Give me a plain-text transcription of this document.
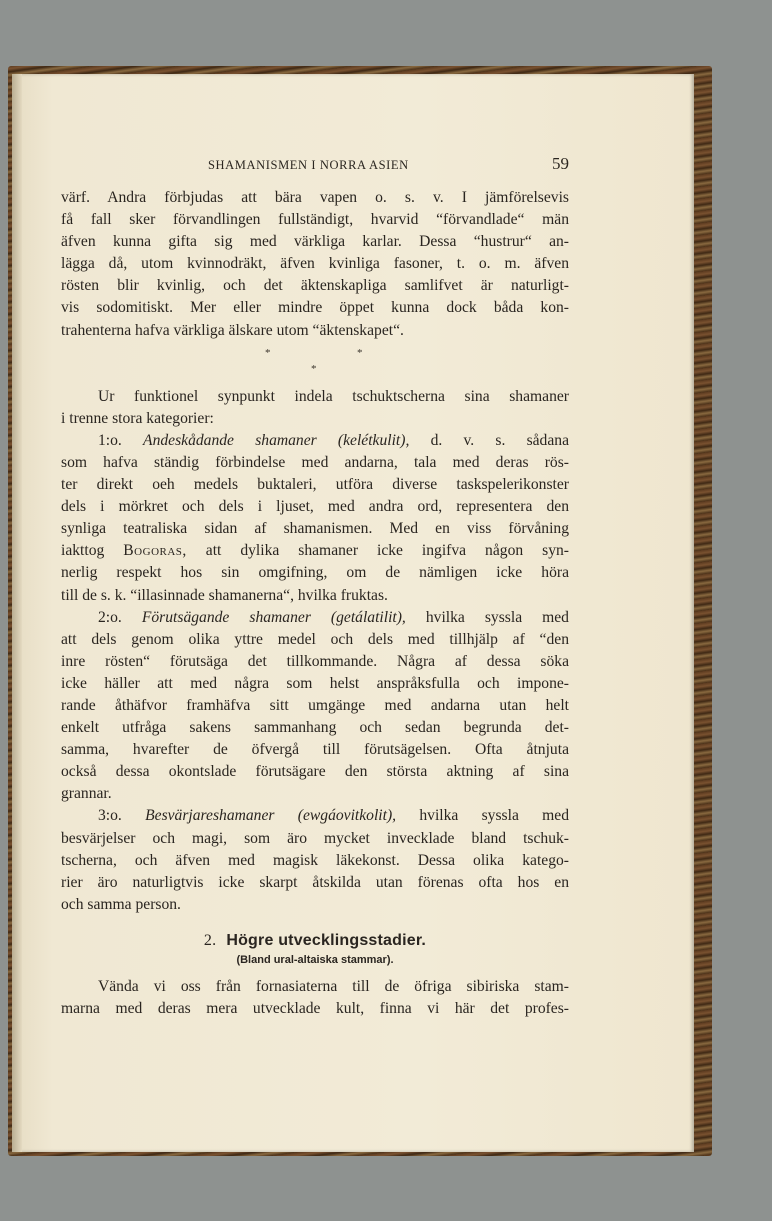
SHAMANISMEN I NORRA ASIEN	59

värf. Andra förbjudas att bära vapen o. s. v. I jämförelsevis

få fall sker förvandlingen fullständigt, hvarvid “förvandlade“ män

äfven kunna gifta sig med värkliga karlar. Dessa “hustrur“ an-

lägga då, utom kvinnodräkt, äfven kvinliga fasoner, t. o. m. äfven

rösten blir kvinlig, och det äktenskapliga samlifvet är naturligt-

vis sodomitiskt. Mer eller mindre öppet kunna dock båda kon-

trahenterna hafva värkliga älskare utom “äktenskapet“.

*	*
*

Ur funktionel synpunkt indela tschuktscherna sina shamaner

i trenne stora kategorier:

1:o. Andeskådande shamaner (kelétkulit), d. v. s. sådana

som hafva ständig förbindelse med andarna, tala med deras rös-

ter direkt oeh medels buktaleri, utföra diverse taskspelerikonster

dels i mörkret och dels i ljuset, med andra ord, representera den

synliga teatraliska sidan af shamanismen. Med en viss förvåning

iakttog Bogoras, att dylika shamaner icke ingifva någon syn-

nerlig respekt hos sin omgifning, om de nämligen icke höra

till de s. k. “illasinnade shamanerna“, hvilka fruktas.

2:o. Förutsägande shamaner (getálatilit), hvilka syssla med

att dels genom olika yttre medel och dels med tillhjälp af “den

inre rösten“ förutsäga det tillkommande. Några af dessa söka

icke häller att med några som helst anspråksfulla och impone-

rande åthäfvor framhäfva sitt umgänge med andarna utan helt

enkelt utfråga sakens sammanhang och sedan begrunda det-

samma, hvarefter de öfvergå till förutsägelsen. Ofta åtnjuta

också dessa okontslade förutsägare den största aktning af sina

grannar.

3:o. Besvärjareshamaner (ewgáovitkolit), hvilka syssla med

besvärjelser och magi, som äro mycket invecklade bland tschuk-

tscherna, och äfven med magisk läkekonst. Dessa olika katego-

rier äro naturligtvis icke skarpt åtskilda utan förenas ofta hos en

och samma person.

2. Högre utvecklingsstadier.
(Bland ural-altaiska stammar).

Vända vi oss från fornasiaterna till de öfriga sibiriska stam-

marna med deras mera utvecklade kult, finna vi här det profes-
